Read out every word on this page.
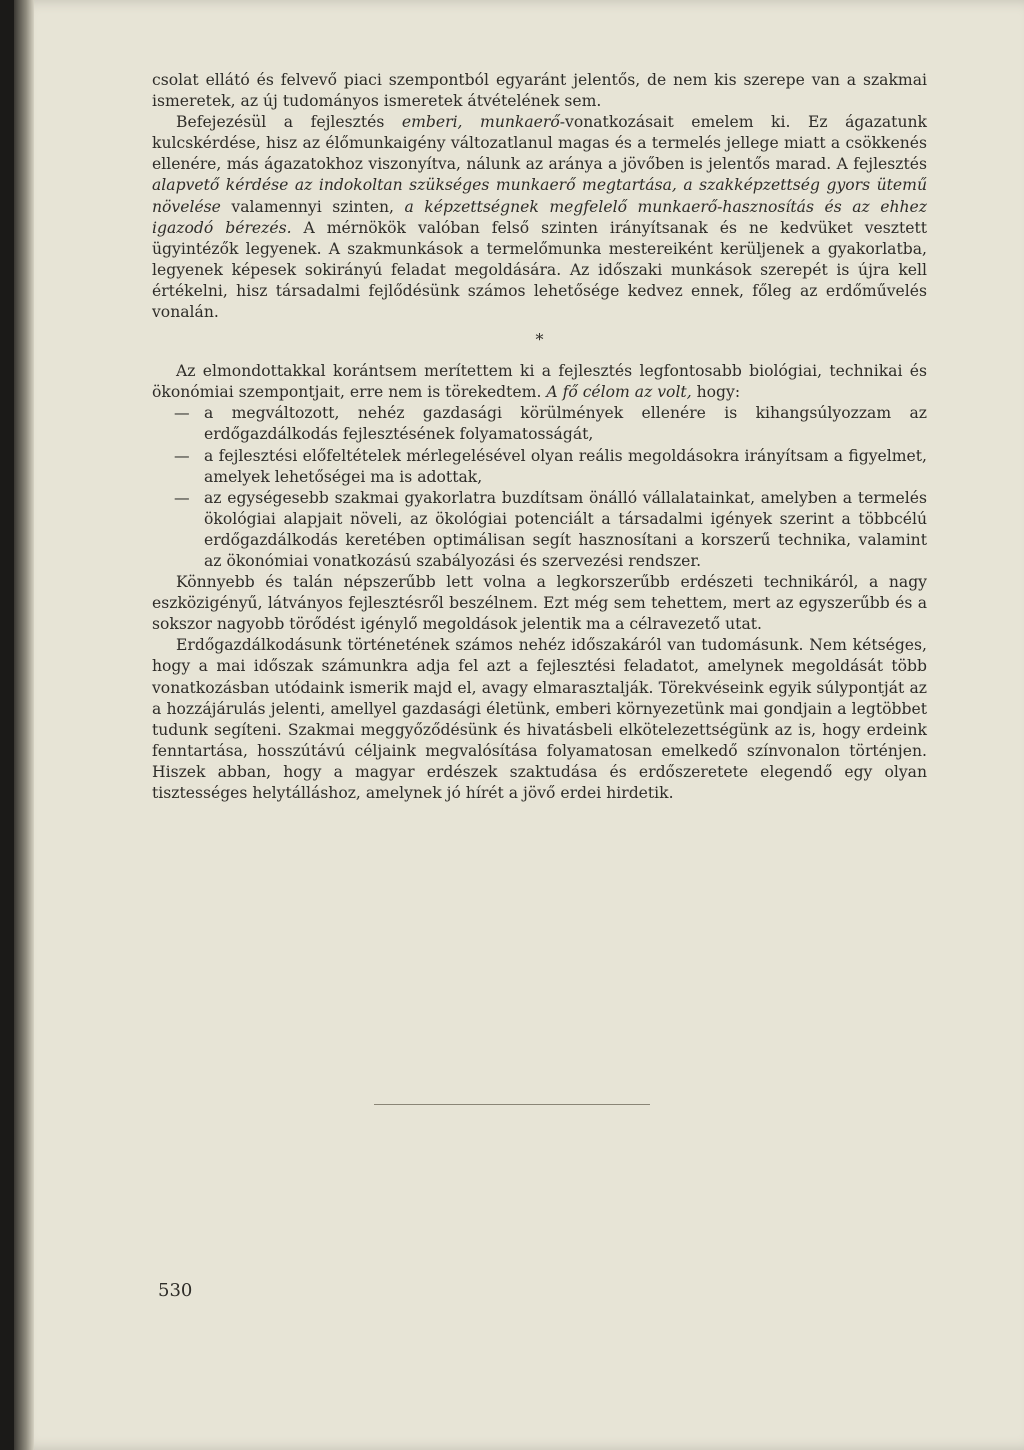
csolat ellátó és felvevő piaci szempontból egyaránt jelentős, de nem kis szerepe van a szakmai ismeretek, az új tudományos ismeretek átvételének sem.

Befejezésül a fejlesztés emberi, munkaerő-vonatkozásait emelem ki. Ez ágazatunk kulcskérdése, hisz az élőmunkaigény változatlanul magas és a termelés jellege miatt a csökkenés ellenére, más ágazatokhoz viszonyítva, nálunk az aránya a jövőben is jelentős marad. A fejlesztés alapvető kérdése az indokoltan szükséges munkaerő megtartása, a szakképzettség gyors ütemű növelése valamennyi szinten, a képzettségnek megfelelő munkaerő-hasznosítás és az ehhez igazodó bérezés. A mérnökök valóban felső szinten irányítsanak és ne kedvüket vesztett ügyintézők legyenek. A szakmunkások a termelőmunka mestereiként kerüljenek a gyakorlatba, legyenek képesek sokirányú feladat megoldására. Az időszaki munkások szerepét is újra kell értékelni, hisz társadalmi fejlődésünk számos lehetősége kedvez ennek, főleg az erdőművelés vonalán.

*

Az elmondottakkal korántsem merítettem ki a fejlesztés legfontosabb biológiai, technikai és ökonómiai szempontjait, erre nem is törekedtem. A fő célom az volt, hogy:

— a megváltozott, nehéz gazdasági körülmények ellenére is kihangsúlyozzam az erdőgazdálkodás fejlesztésének folyamatosságát,
— a fejlesztési előfeltételek mérlegelésével olyan reális megoldásokra irányítsam a figyelmet, amelyek lehetőségei ma is adottak,
— az egységesebb szakmai gyakorlatra buzdítsam önálló vállalatainkat, amelyben a termelés ökológiai alapjait növeli, az ökológiai potenciált a társadalmi igények szerint a többcélú erdőgazdálkodás keretében optimálisan segít hasznosítani a korszerű technika, valamint az ökonómiai vonatkozású szabályozási és szervezési rendszer.

Könnyebb és talán népszerűbb lett volna a legkorszerűbb erdészeti technikáról, a nagy eszközigényű, látványos fejlesztésről beszélnem. Ezt még sem tehettem, mert az egyszerűbb és a sokszor nagyobb törődést igénylő megoldások jelentik ma a célravezető utat.

Erdőgazdálkodásunk történetének számos nehéz időszakáról van tudomásunk. Nem kétséges, hogy a mai időszak számunkra adja fel azt a fejlesztési feladatot, amelynek megoldását több vonatkozásban utódaink ismerik majd el, avagy elmarasztalják. Törekvéseink egyik súlypontját az a hozzájárulás jelenti, amellyel gazdasági életünk, emberi környezetünk mai gondjain a legtöbbet tudunk segíteni. Szakmai meggyőződésünk és hivatásbeli elkötelezettségünk az is, hogy erdeink fenntartása, hosszútávú céljaink megvalósítása folyamatosan emelkedő színvonalon történjen. Hiszek abban, hogy a magyar erdészek szaktudása és erdőszeretete elegendő egy olyan tisztességes helytálláshoz, amelynek jó hírét a jövő erdei hirdetik.

530
